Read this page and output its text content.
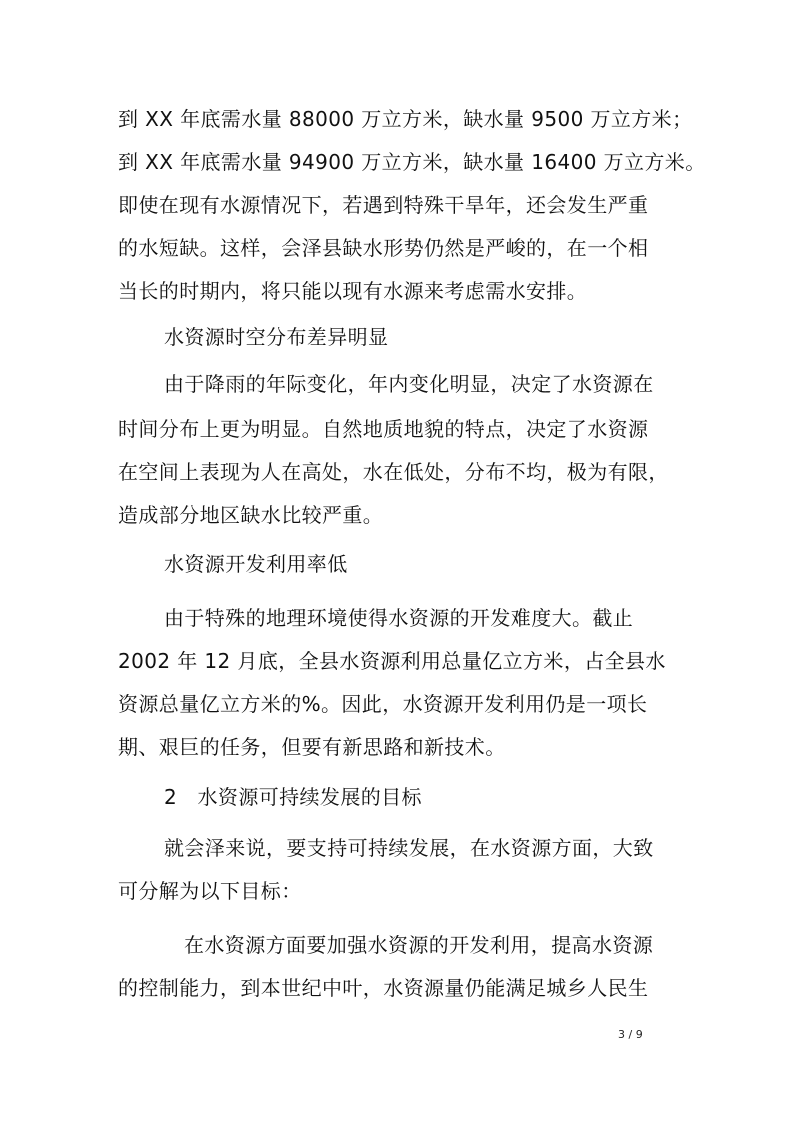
到 XX 年底需水量 88000 万立方米，缺水量 9500 万立方米；
到 XX 年底需水量 94900 万立方米，缺水量 16400 万立方米。
即使在现有水源情况下，若遇到特殊干旱年，还会发生严重
的水短缺。这样，会泽县缺水形势仍然是严峻的，在一个相
当长的时期内，将只能以现有水源来考虑需水安排。
水资源时空分布差异明显
由于降雨的年际变化，年内变化明显，决定了水资源在
时间分布上更为明显。自然地质地貌的特点，决定了水资源
在空间上表现为人在高处，水在低处，分布不均，极为有限，
造成部分地区缺水比较严重。
水资源开发利用率低
由于特殊的地理环境使得水资源的开发难度大。截止
2002 年 12 月底，全县水资源利用总量亿立方米，占全县水
资源总量亿立方米的%。因此，水资源开发利用仍是一项长
期、艰巨的任务，但要有新思路和新技术。
2　水资源可持续发展的目标
就会泽来说，要支持可持续发展，在水资源方面，大致
可分解为以下目标：
在水资源方面要加强水资源的开发利用，提高水资源
的控制能力，到本世纪中叶，水资源量仍能满足城乡人民生
3 / 9
